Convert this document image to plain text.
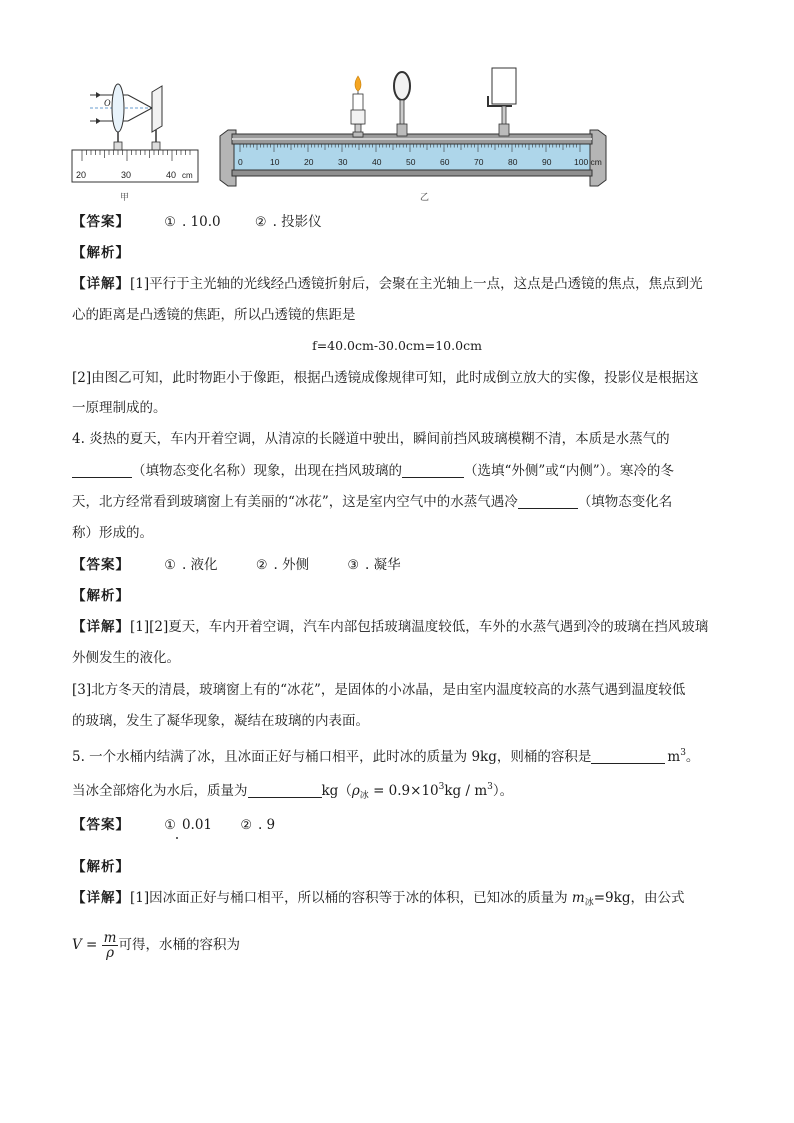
O
20	30	40 cm
甲
0	10	20	30	40	50	60	70	80	90	100 cm
乙
【答案】	① . 10.0	② . 投影仪
【解析】
【详解】[1]平行于主光轴的光线经凸透镜折射后，会聚在主光轴上一点，这点是凸透镜的焦点，焦点到光
心的距离是凸透镜的焦距，所以凸透镜的焦距是
f=40.0cm-30.0cm=10.0cm
[2]由图乙可知，此时物距小于像距，根据凸透镜成像规律可知，此时成倒立放大的实像，投影仪是根据这
一原理制成的。
4. 炎热的夏天，车内开着空调，从清凉的长隧道中驶出，瞬间前挡风玻璃模糊不清，本质是水蒸气的
（填物态变化名称）现象，出现在挡风玻璃的	（选填“外侧”或“内侧”）。寒冷的冬
天，北方经常看到玻璃窗上有美丽的“冰花”，这是室内空气中的水蒸气遇冷	（填物态变化名
称）形成的。
【答案】	① . 液化	② . 外侧	③ . 凝华
【解析】
【详解】[1][2]夏天，车内开着空调，汽车内部包括玻璃温度较低，车外的水蒸气遇到冷的玻璃在挡风玻璃
外侧发生的液化。
[3]北方冬天的清晨，玻璃窗上有的“冰花”，是固体的小冰晶，是由室内温度较高的水蒸气遇到温度较低
的玻璃，发生了凝华现象，凝结在玻璃的内表面。
5. 一个水桶内结满了冰，且冰面正好与桶口相平，此时冰的质量为 9kg，则桶的容积是	$m^3$。
当冰全部熔化为水后，质量为	$kg(\rho_冰 = 0.9\times 10^3kg / m^3)$。
【答案】	① 0.01 ② . 9
【解析】
【详解】[1]因冰面正好与桶口相平，所以桶的容积等于冰的体积，已知冰的质量为 $m_冰=9kg$，由公式
$V = \frac{m}{\rho}$ 可得，水桶的容积为
